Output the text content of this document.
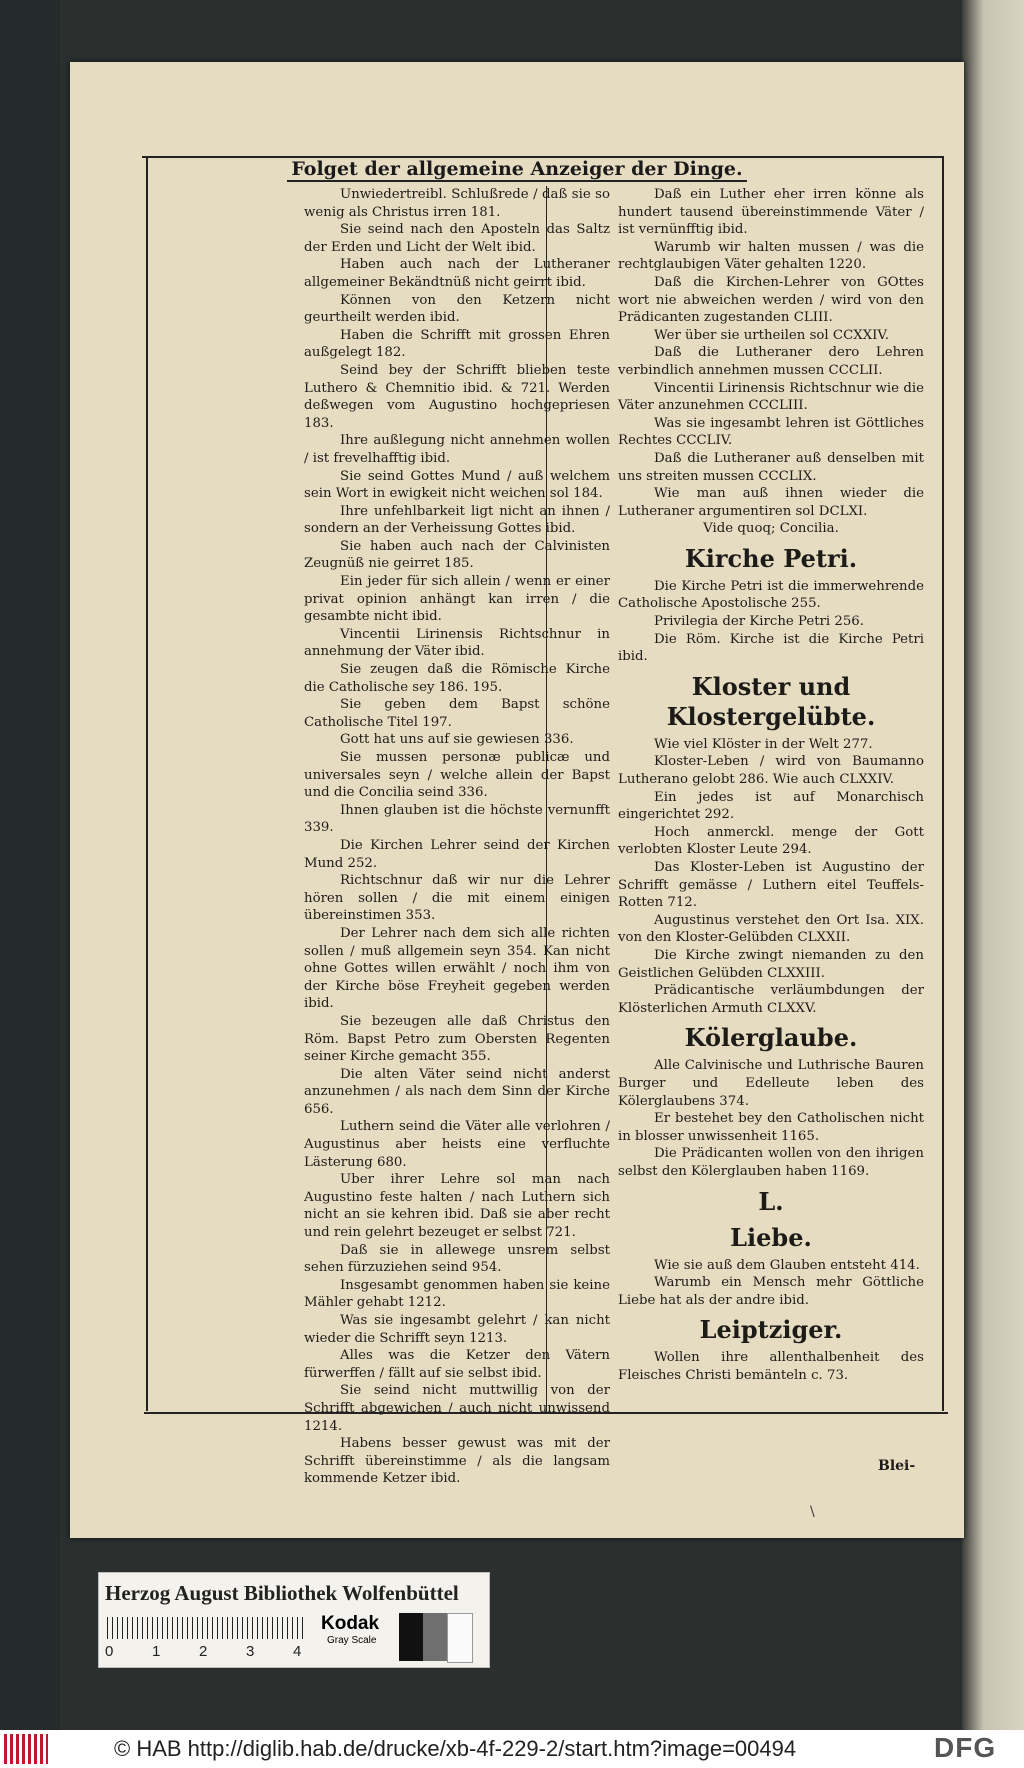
Folget der allgemeine Anzeiger der Dinge.

Unwiedertreibl. Schlußrede / daß sie so wenig als Christus irren 181.

Sie seind nach den Aposteln das Saltz der Erden und Licht der Welt ibid.

Haben auch nach der Lutheraner allgemeiner Bekändtnüß nicht geirrt ibid.

Können von den Ketzern nicht geurtheilt werden ibid.

Haben die Schrifft mit grossen Ehren außgelegt 182.

Seind bey der Schrifft blieben teste Luthero & Chemnitio ibid. & 721. Werden deßwegen vom Augustino hochgepriesen 183.

Ihre außlegung nicht annehmen wollen / ist frevelhafftig ibid.

Sie seind Gottes Mund / auß welchem sein Wort in ewigkeit nicht weichen sol 184.

Ihre unfehlbarkeit ligt nicht an ihnen / sondern an der Verheissung Gottes ibid.

Sie haben auch nach der Calvinisten Zeugnüß nie geirret 185.

Ein jeder für sich allein / wenn er einer privat opinion anhängt kan irren / die gesambte nicht ibid.

Vincentii Lirinensis Richtschnur in annehmung der Väter ibid.

Sie zeugen daß die Römische Kirche die Catholische sey 186. 195.

Sie geben dem Bapst schöne Catholische Titel 197.

Gott hat uns auf sie gewiesen 336.

Sie mussen personæ publicæ und universales seyn / welche allein der Bapst und die Concilia seind 336.

Ihnen glauben ist die höchste vernunfft 339.

Die Kirchen Lehrer seind der Kirchen Mund 252.

Richtschnur daß wir nur die Lehrer hören sollen / die mit einem einigen übereinstimen 353.

Der Lehrer nach dem sich alle richten sollen / muß allgemein seyn 354. Kan nicht ohne Gottes willen erwählt / noch ihm von der Kirche böse Freyheit gegeben werden ibid.

Sie bezeugen alle daß Christus den Röm. Bapst Petro zum Obersten Regenten seiner Kirche gemacht 355.

Die alten Väter seind nicht anderst anzunehmen / als nach dem Sinn der Kirche 656.

Luthern seind die Väter alle verlohren / Augustinus aber heists eine verfluchte Lästerung 680.

Uber ihrer Lehre sol man nach Augustino feste halten / nach Luthern sich nicht an sie kehren ibid. Daß sie aber recht und rein gelehrt bezeuget er selbst 721.

Daß sie in allewege unsrem selbst sehen fürzuziehen seind 954.

Insgesambt genommen haben sie keine Mähler gehabt 1212.

Was sie ingesambt gelehrt / kan nicht wieder die Schrifft seyn 1213.

Alles was die Ketzer den Vätern fürwerffen / fällt auf sie selbst ibid.

Sie seind nicht muttwillig von der Schrifft abgewichen / auch nicht unwissend 1214.

Habens besser gewust was mit der Schrifft übereinstimme / als die langsam kommende Ketzer ibid.

Daß ein Luther eher irren könne als hundert tausend übereinstimmende Väter / ist vernünfftig ibid.

Warumb wir halten mussen / was die rechtglaubigen Väter gehalten 1220.

Daß die Kirchen-Lehrer von GOttes wort nie abweichen werden / wird von den Prädicanten zugestanden CLIII.

Wer über sie urtheilen sol CCXXIV.

Daß die Lutheraner dero Lehren verbindlich annehmen mussen CCCLII.

Vincentii Lirinensis Richtschnur wie die Väter anzunehmen CCCLIII.

Was sie ingesambt lehren ist Göttliches Rechtes CCCLIV.

Daß die Lutheraner auß denselben mit uns streiten mussen CCCLIX.

Wie man auß ihnen wieder die Lutheraner argumentiren sol DCLXI.

Vide quoq; Concilia.

Kirche Petri.

Die Kirche Petri ist die immerwehrende Catholische Apostolische 255.

Privilegia der Kirche Petri 256.

Die Röm. Kirche ist die Kirche Petri ibid.

Kloster und Klostergelübte.

Wie viel Klöster in der Welt 277.

Kloster-Leben / wird von Baumanno Lutherano gelobt 286. Wie auch CLXXIV.

Ein jedes ist auf Monarchisch eingerichtet 292.

Hoch anmerckl. menge der Gott verlobten Kloster Leute 294.

Das Kloster-Leben ist Augustino der Schrifft gemässe / Luthern eitel Teuffels-Rotten 712.

Augustinus verstehet den Ort Isa. XIX. von den Kloster-Gelübden CLXXII.

Die Kirche zwingt niemanden zu den Geistlichen Gelübden CLXXIII.

Prädicantische verläumbdungen der Klösterlichen Armuth CLXXV.

Kölerglaube.

Alle Calvinische und Luthrische Bauren Burger und Edelleute leben des Kölerglaubens 374.

Er bestehet bey den Catholischen nicht in blosser unwissenheit 1165.

Die Prädicanten wollen von den ihrigen selbst den Kölerglauben haben 1169.

L.
Liebe.

Wie sie auß dem Glauben entsteht 414.

Warumb ein Mensch mehr Göttliche Liebe hat als der andre ibid.

Leiptziger.

Wollen ihre allenthalbenheit des Fleisches Christi bemänteln c. 73.

Blei-
\
Herzog August Bibliothek Wolfenbüttel
0	1	2	3	4
Kodak
Gray Scale
© HAB http://diglib.hab.de/drucke/xb-4f-229-2/start.htm?image=00494	DFG
